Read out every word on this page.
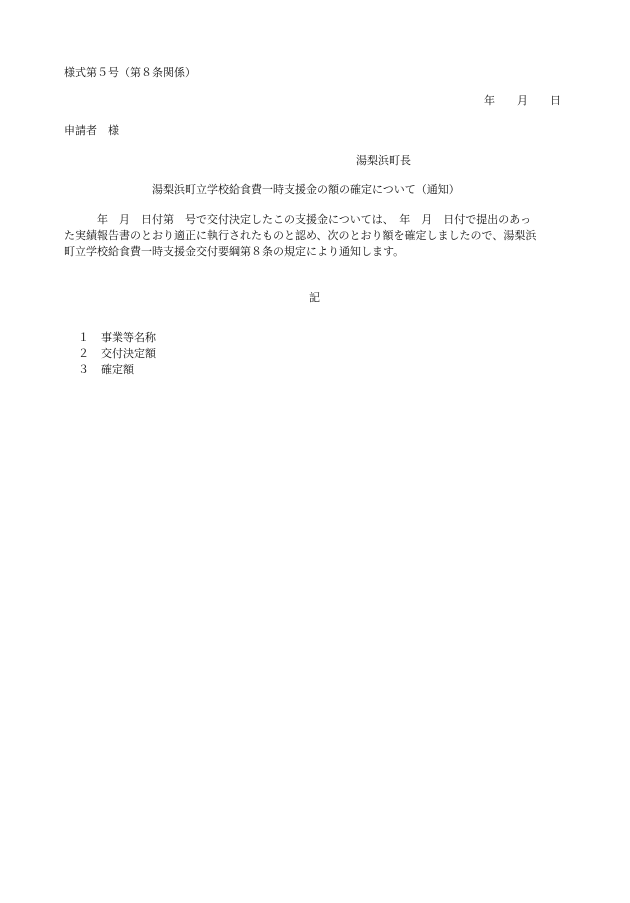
様式第５号（第８条関係）
年　　月　　日
申請者　様
湯梨浜町長
湯梨浜町立学校給食費一時支援金の額の確定について（通知）
　　　年　月　日付第　号で交付決定したこの支援金については、　年　月　日付で提出のあっ
た実績報告書のとおり適正に執行されたものと認め、次のとおり額を確定しましたので、湯梨浜
町立学校給食費一時支援金交付要綱第８条の規定により通知します。
記

１ 事業等名称

２ 交付決定額

３ 確定額
